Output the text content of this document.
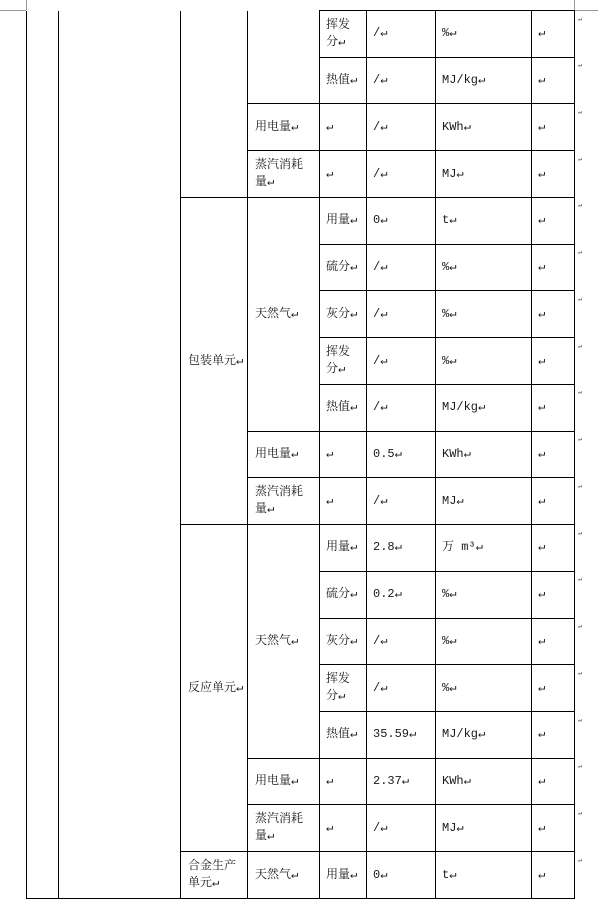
				挥发分↵	/↵	%↵	↵	↵
				热值↵	/↵	MJ/kg↵	↵	↵
			用电量↵	↵	/↵	KWh↵	↵	↵
			蒸汽消耗量↵	↵	/↵	MJ↵	↵	↵
		包装单元↵	天然气↵	用量↵	0↵	t↵	↵	↵
				硫分↵	/↵	%↵	↵	↵
				灰分↵	/↵	%↵	↵	↵
				挥发分↵	/↵	%↵	↵	↵
				热值↵	/↵	MJ/kg↵	↵	↵
			用电量↵	↵	0.5↵	KWh↵	↵	↵
			蒸汽消耗量↵	↵	/↵	MJ↵	↵	↵
		反应单元↵	天然气↵	用量↵	2.8↵	万 m³↵	↵	↵
				硫分↵	0.2↵	%↵	↵	↵
				灰分↵	/↵	%↵	↵	↵
				挥发分↵	/↵	%↵	↵	↵
				热值↵	35.59↵	MJ/kg↵	↵	↵
			用电量↵	↵	2.37↵	KWh↵	↵	↵
			蒸汽消耗量↵	↵	/↵	MJ↵	↵	↵
		合金生产单元↵	天然气↵	用量↵	0↵	t↵	↵	↵
